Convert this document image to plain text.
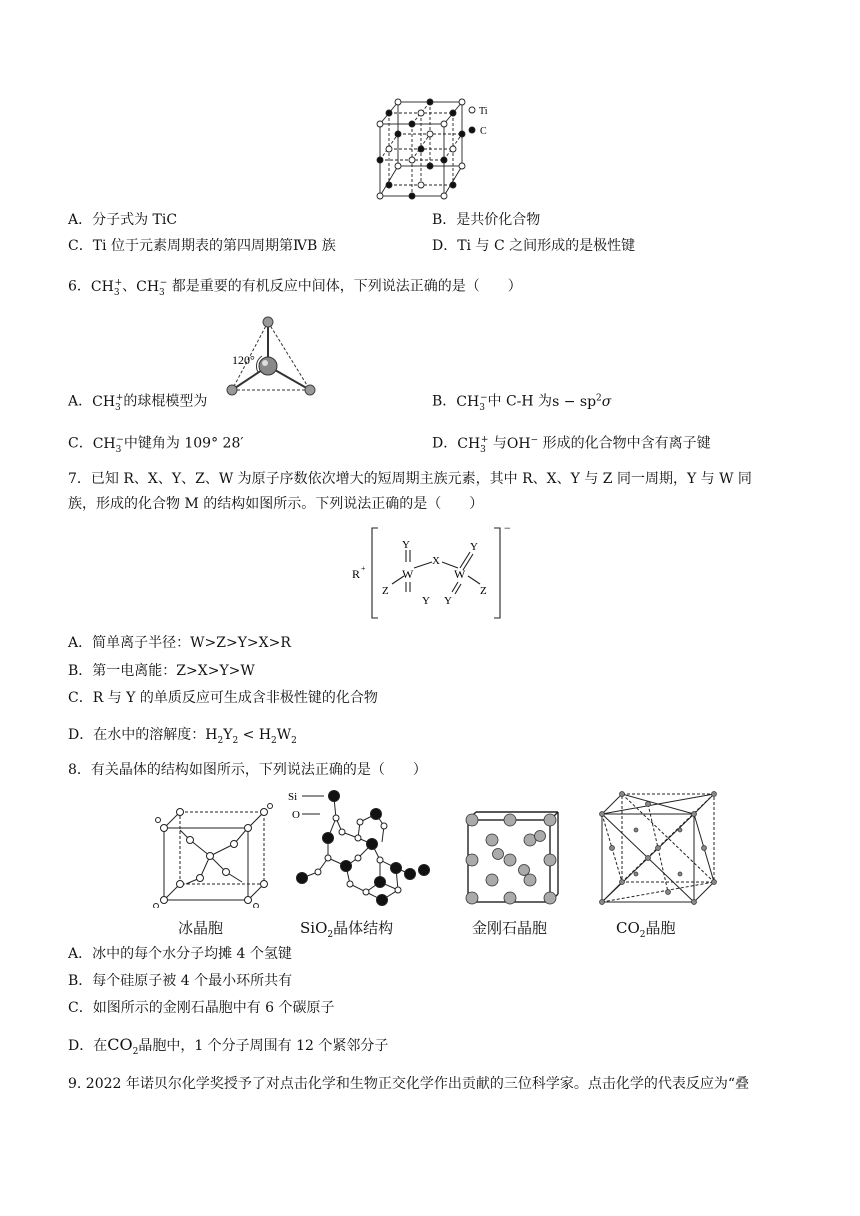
Ti
C
A．分子式为 TiC	B．是共价化合物
C．Ti 位于元素周期表的第四周期第ⅣB 族	D．Ti 与 C 之间形成的是极性键
6．$CH_3^+$、$CH_3^-$ 都是重要的有机反应中间体，下列说法正确的是（　　）
120°
A．$CH_3^+$的球棍模型为	B．$CH_3^-$中 C-H 为$s - sp^2\sigma$
C．$CH_3^-$中键角为 109° 28′	D．$CH_3^+$ 与OH− 形成的化合物中含有离子键
7．已知 R、X、Y、Z、W 为原子序数依次增大的短周期主族元素，其中 R、X、Y 与 Z 同一周期，Y 与 W 同
族，形成的化合物 M 的结构如图所示。下列说法正确的是（　　）
R +
Y
W
Y
Z
X
W
Y
Y
Z
−
A．简单离子半径：W>Z>Y>X>R
B．第一电离能：Z>X>Y>W
C．R 与 Y 的单质反应可生成含非极性键的化合物
D．在水中的溶解度：$H_2Y_2 < H_2W_2$
8．有关晶体的结构如图所示，下列说法正确的是（　　）
Si
O
冰晶胞	SiO$_2$晶体结构	金刚石晶胞	$CO_2$晶胞
A．冰中的每个水分子均摊 4 个氢键
B．每个硅原子被 4 个最小环所共有
C．如图所示的金刚石晶胞中有 6 个碳原子
D．在$CO_2$晶胞中，1 个分子周围有 12 个紧邻分子
9. 2022 年诺贝尔化学奖授予了对点击化学和生物正交化学作出贡献的三位科学家。点击化学的代表反应为“叠
